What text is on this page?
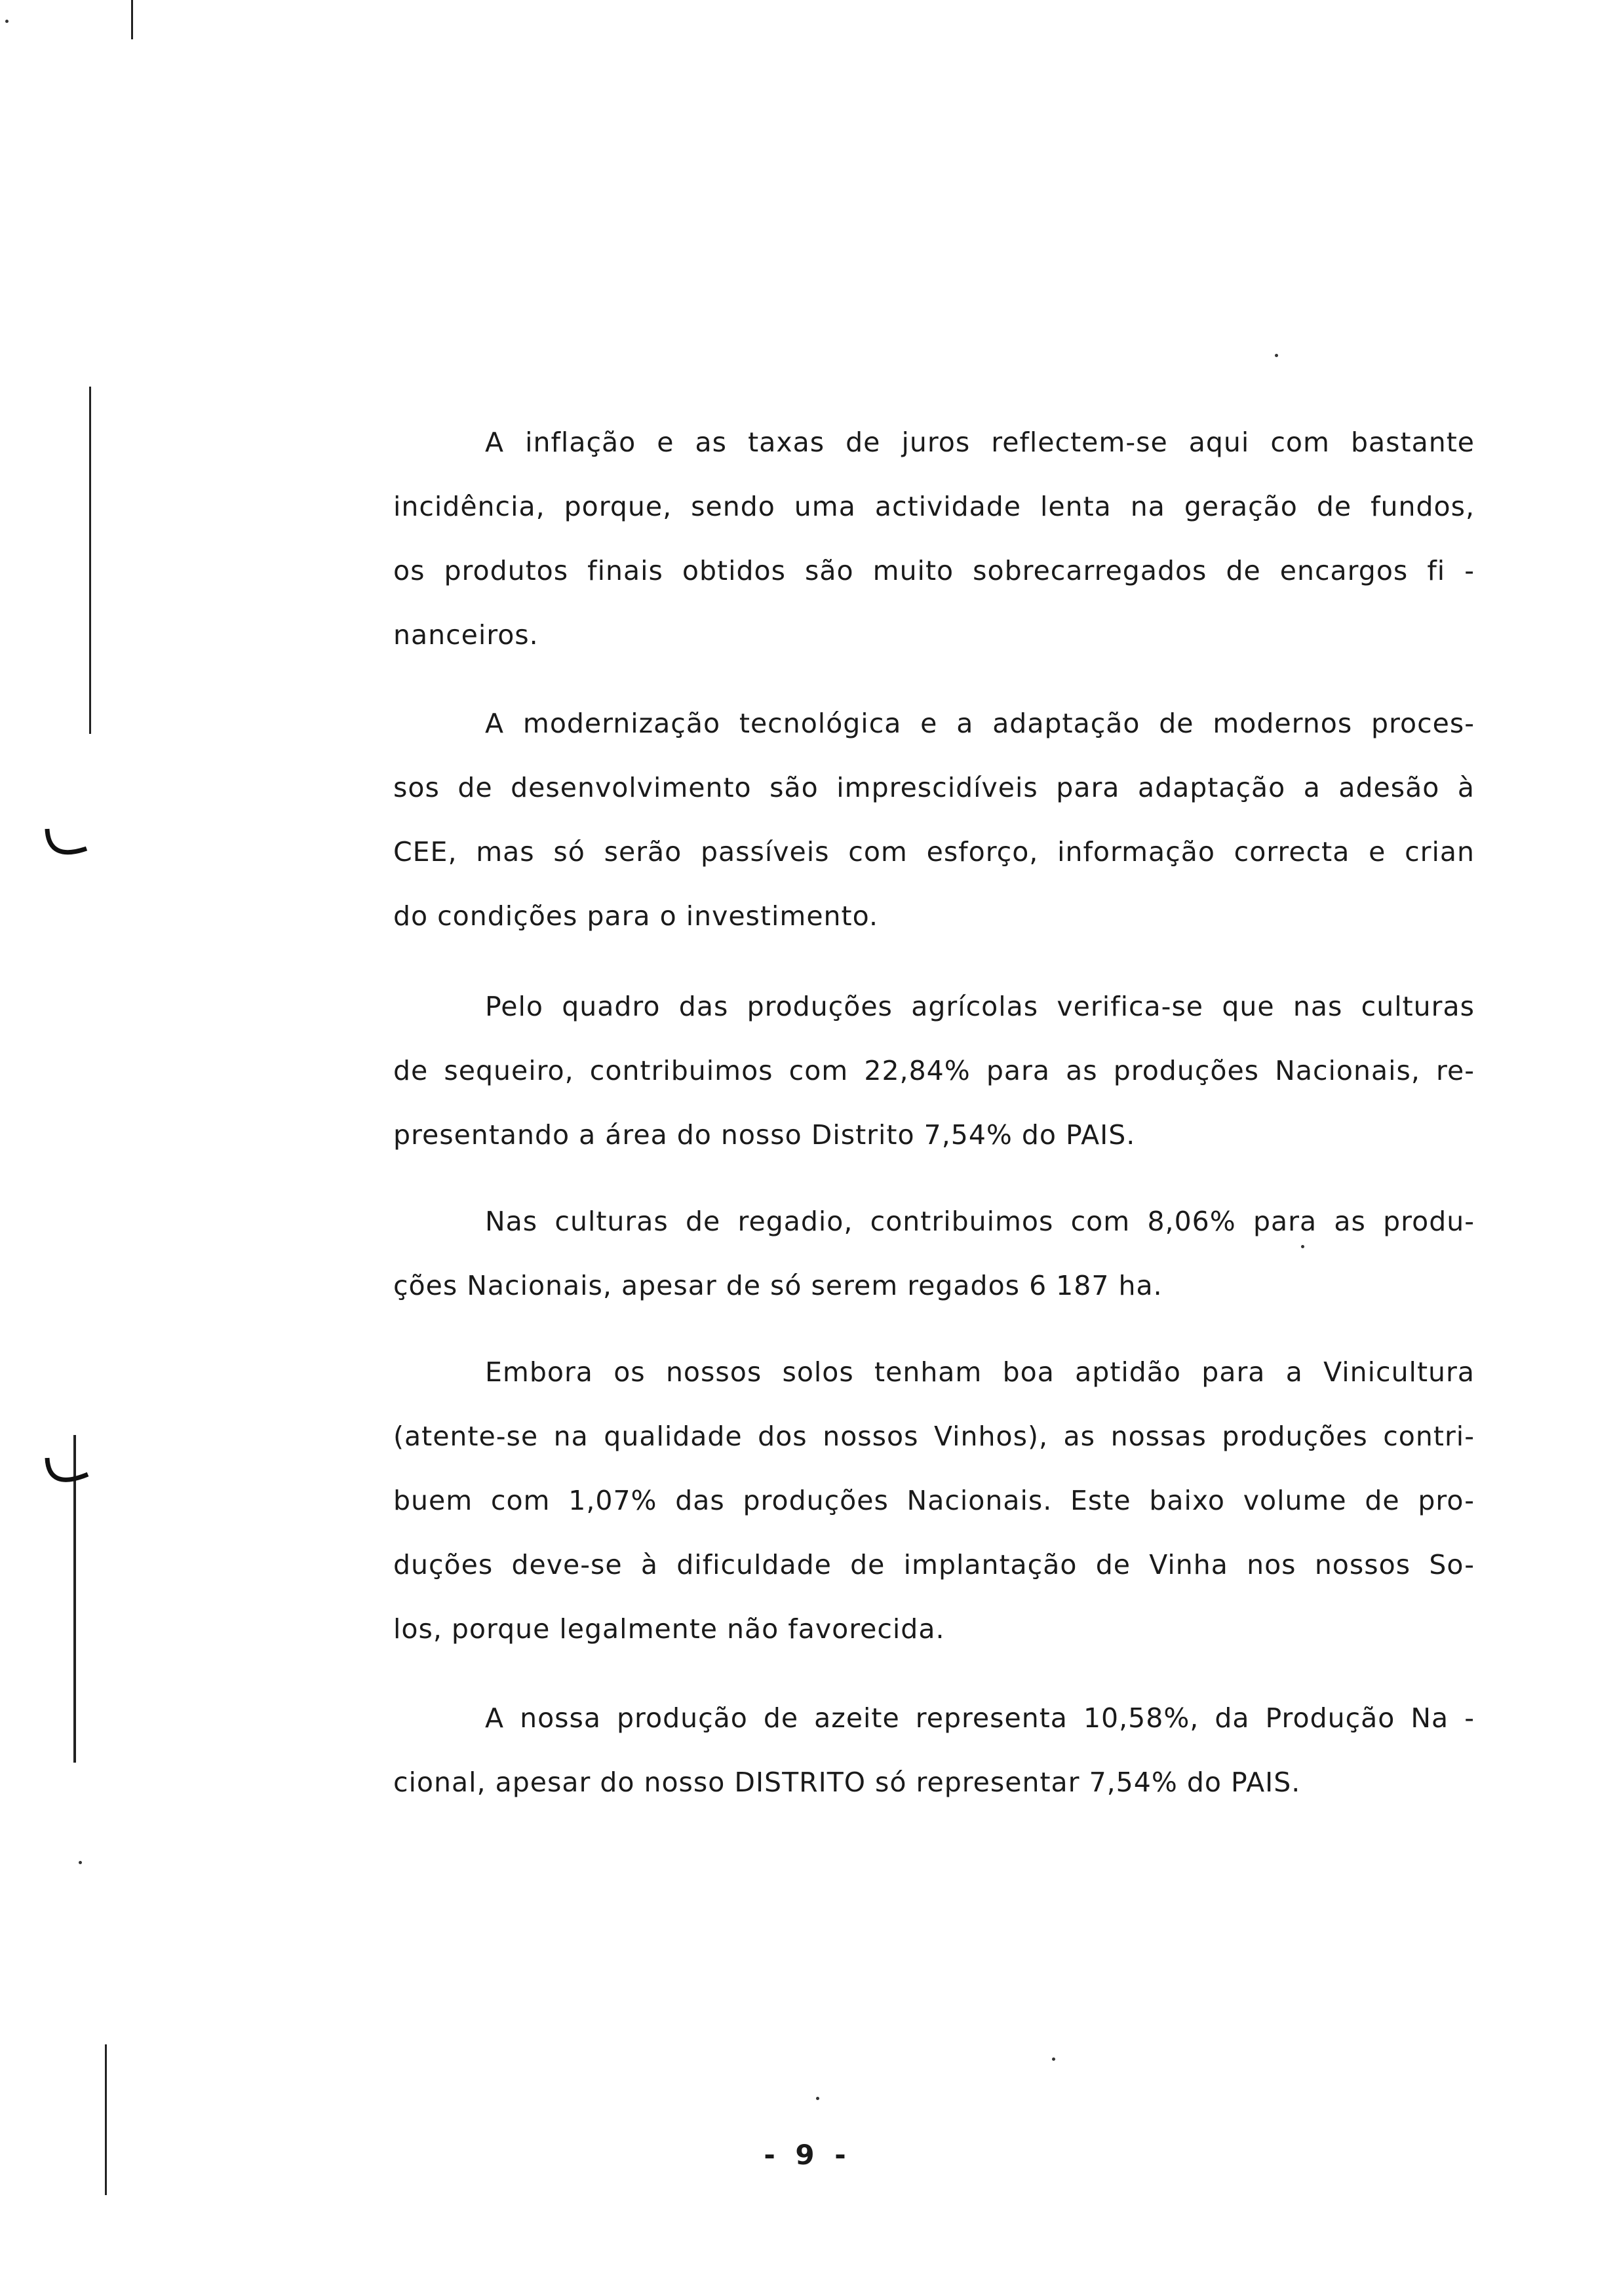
A inflação e as taxas de juros reflectem-se aqui com bastante
incidência, porque, sendo uma actividade lenta na geração de fundos,
os produtos finais obtidos são muito sobrecarregados de encargos fi -
nanceiros.
A modernização tecnológica e a adaptação de modernos proces-
sos de desenvolvimento são imprescidíveis para adaptação a adesão à
CEE, mas só serão passíveis com esforço, informação correcta e crian
do condições para o investimento.
Pelo quadro das produções agrícolas verifica-se que nas culturas
de sequeiro, contribuimos com 22,84% para as produções Nacionais, re-
presentando a área do nosso Distrito 7,54% do PAIS.
Nas culturas de regadio, contribuimos com 8,06% para as produ-
ções Nacionais, apesar de só serem regados 6 187 ha.
Embora os nossos solos tenham boa aptidão para a Vinicultura
(atente-se na qualidade dos nossos Vinhos), as nossas produções contri-
buem com 1,07% das produções Nacionais. Este baixo volume de pro-
duções deve-se à dificuldade de implantação de Vinha nos nossos So-
los, porque legalmente não favorecida.
A nossa produção de azeite representa 10,58%, da Produção Na -
cional, apesar do nosso DISTRITO só representar 7,54% do PAIS.
- 9 -
